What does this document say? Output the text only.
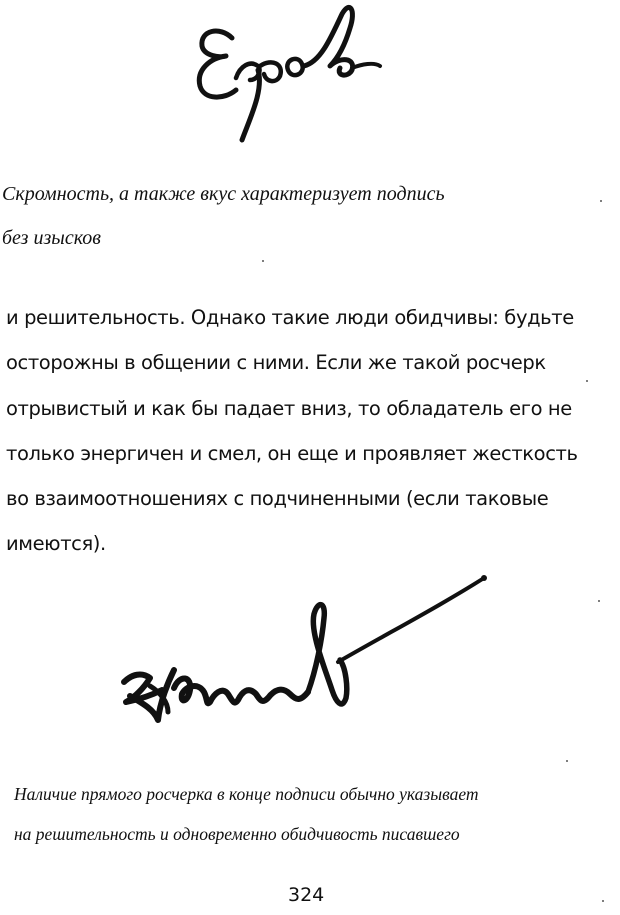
Скромность, а также вкус характеризует подпись
без изысков
и решительность. Однако такие люди обидчивы: будьте
осторожны в общении с ними. Если же такой росчерк
отрывистый и как бы падает вниз, то обладатель его не
только энергичен и смел, он еще и проявляет жесткость
во взаимоотношениях с подчиненными (если таковые
имеются).
Наличие прямого росчерка в конце подписи обычно указывает
на решительность и одновременно обидчивость писавшего
324
